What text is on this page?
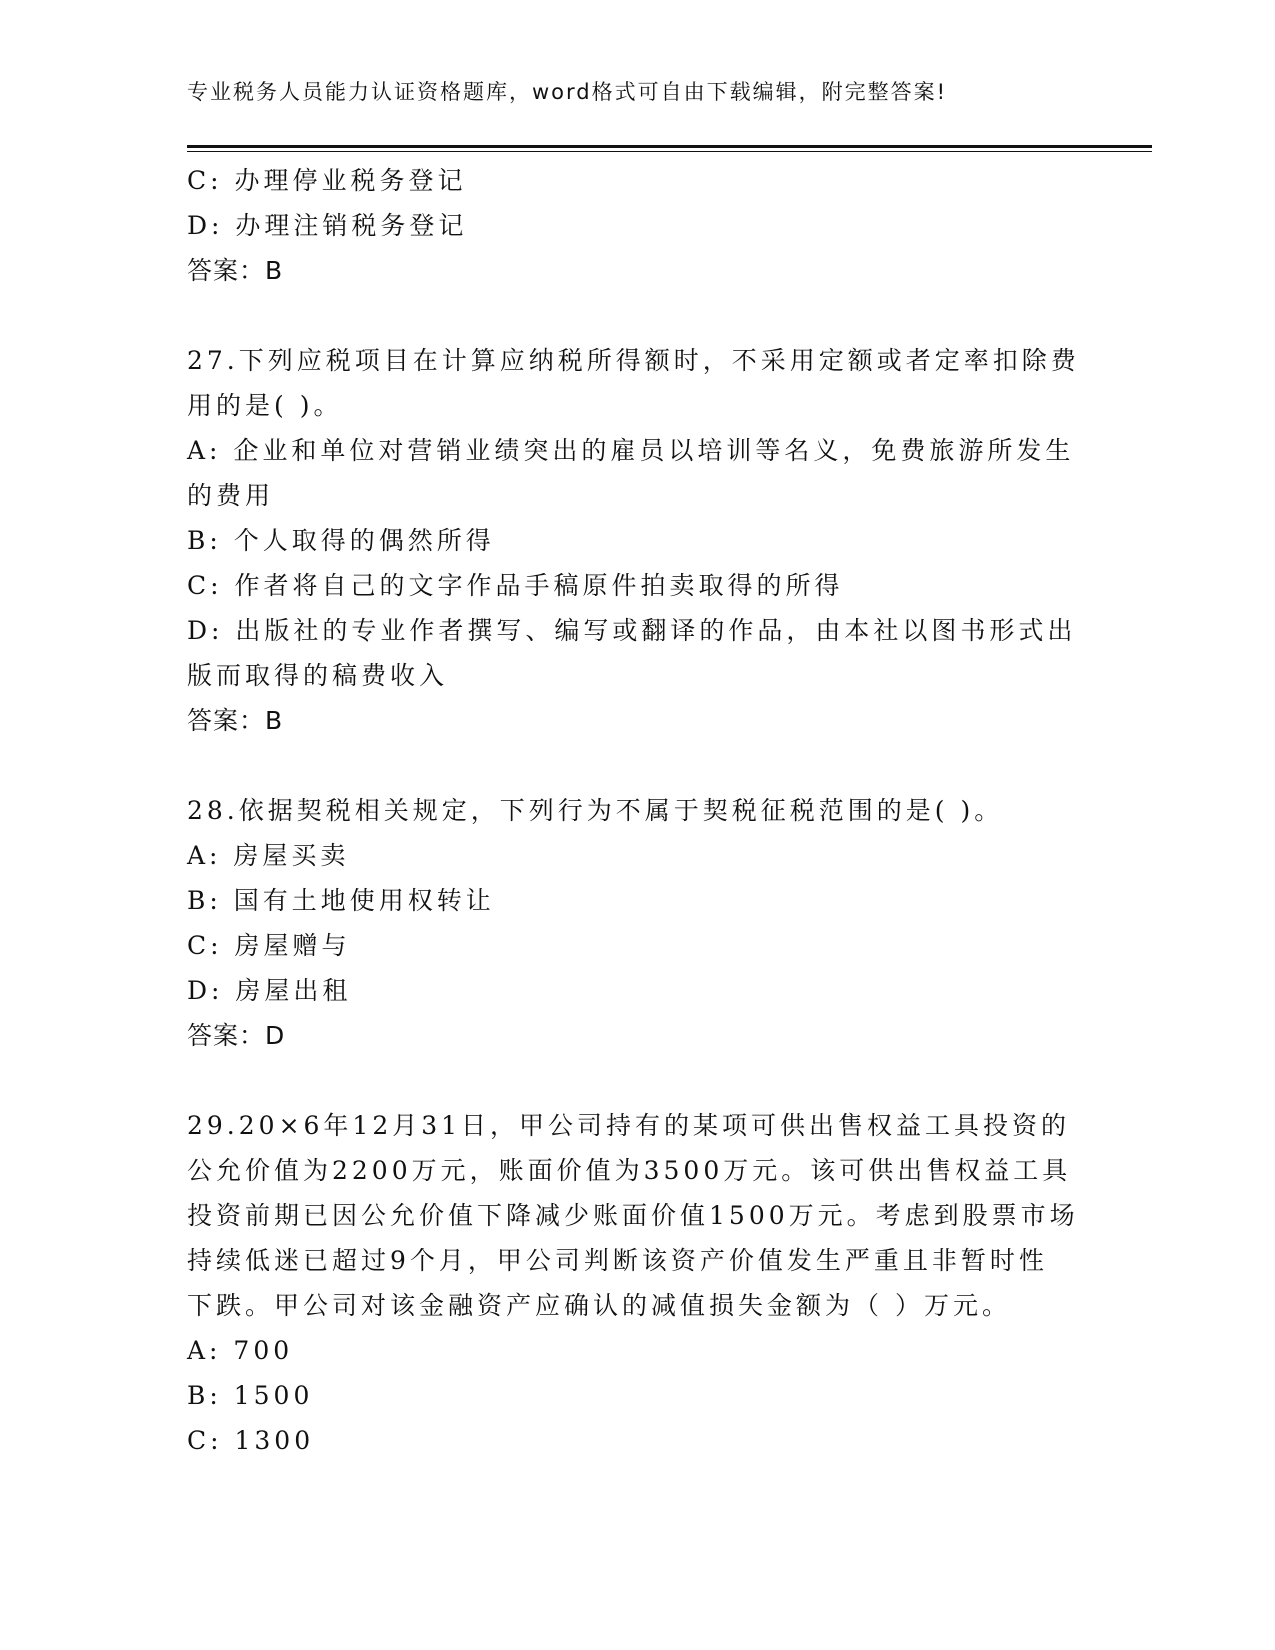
专业税务人员能力认证资格题库，word格式可自由下载编辑，附完整答案!
C: 办理停业税务登记
D: 办理注销税务登记
答案：B
27.下列应税项目在计算应纳税所得额时，不采用定额或者定率扣除费
用的是( )。
A: 企业和单位对营销业绩突出的雇员以培训等名义，免费旅游所发生
的费用
B: 个人取得的偶然所得
C: 作者将自己的文字作品手稿原件拍卖取得的所得
D: 出版社的专业作者撰写、编写或翻译的作品，由本社以图书形式出
版而取得的稿费收入
答案：B
28.依据契税相关规定，下列行为不属于契税征税范围的是( )。
A: 房屋买卖
B: 国有土地使用权转让
C: 房屋赠与
D: 房屋出租
答案：D
29.20×6年12月31日，甲公司持有的某项可供出售权益工具投资的
公允价值为2200万元，账面价值为3500万元。该可供出售权益工具
投资前期已因公允价值下降减少账面价值1500万元。考虑到股票市场
持续低迷已超过9个月，甲公司判断该资产价值发生严重且非暂时性
下跌。甲公司对该金融资产应确认的减值损失金额为（ ）万元。
A: 700
B: 1500
C: 1300
